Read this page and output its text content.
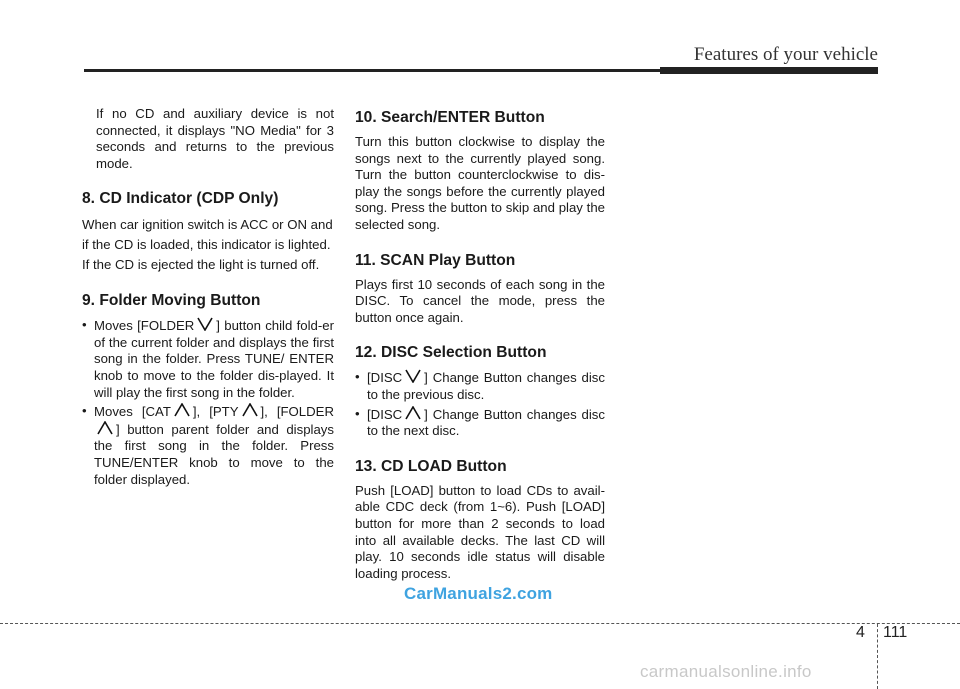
Features of your vehicle

If no CD and auxiliary device is not connected, it displays "NO Media" for 3 seconds and returns to the previous mode.

8. CD Indicator (CDP Only)

When car ignition switch is ACC or ON and if the CD is loaded, this indicator is lighted. If the CD is ejected the light is turned off.

9. Folder Moving Button
• Moves [FOLDER ] button child fold-er of the current folder and displays the first song in the folder. Press TUNE/ ENTER knob to move to the folder dis-played. It will play the first song in the folder.
• Moves [CAT ], [PTY ], [FOLDER
] button parent folder and displays the first song in the folder. Press TUNE/ENTER knob to move to the folder displayed.
10. Search/ENTER Button

Turn this button clockwise to display the songs next to the currently played song. Turn the button counterclockwise to dis-play the songs before the currently played song. Press the button to skip and play the selected song.

11. SCAN Play Button

Plays first 10 seconds of each song in the DISC. To cancel the mode, press the button once again.

12. DISC Selection Button
• [DISC ] Change Button changes disc to the previous disc.
• [DISC ] Change Button changes disc to the next disc.
13. CD LOAD Button

Push [LOAD] button to load CDs to avail-able CDC deck (from 1~6). Push [LOAD] button for more than 2 seconds to load into all available decks. The last CD will play. 10 seconds idle status will disable loading process.

CarManuals2.com
4 111
carmanualsonline.info
